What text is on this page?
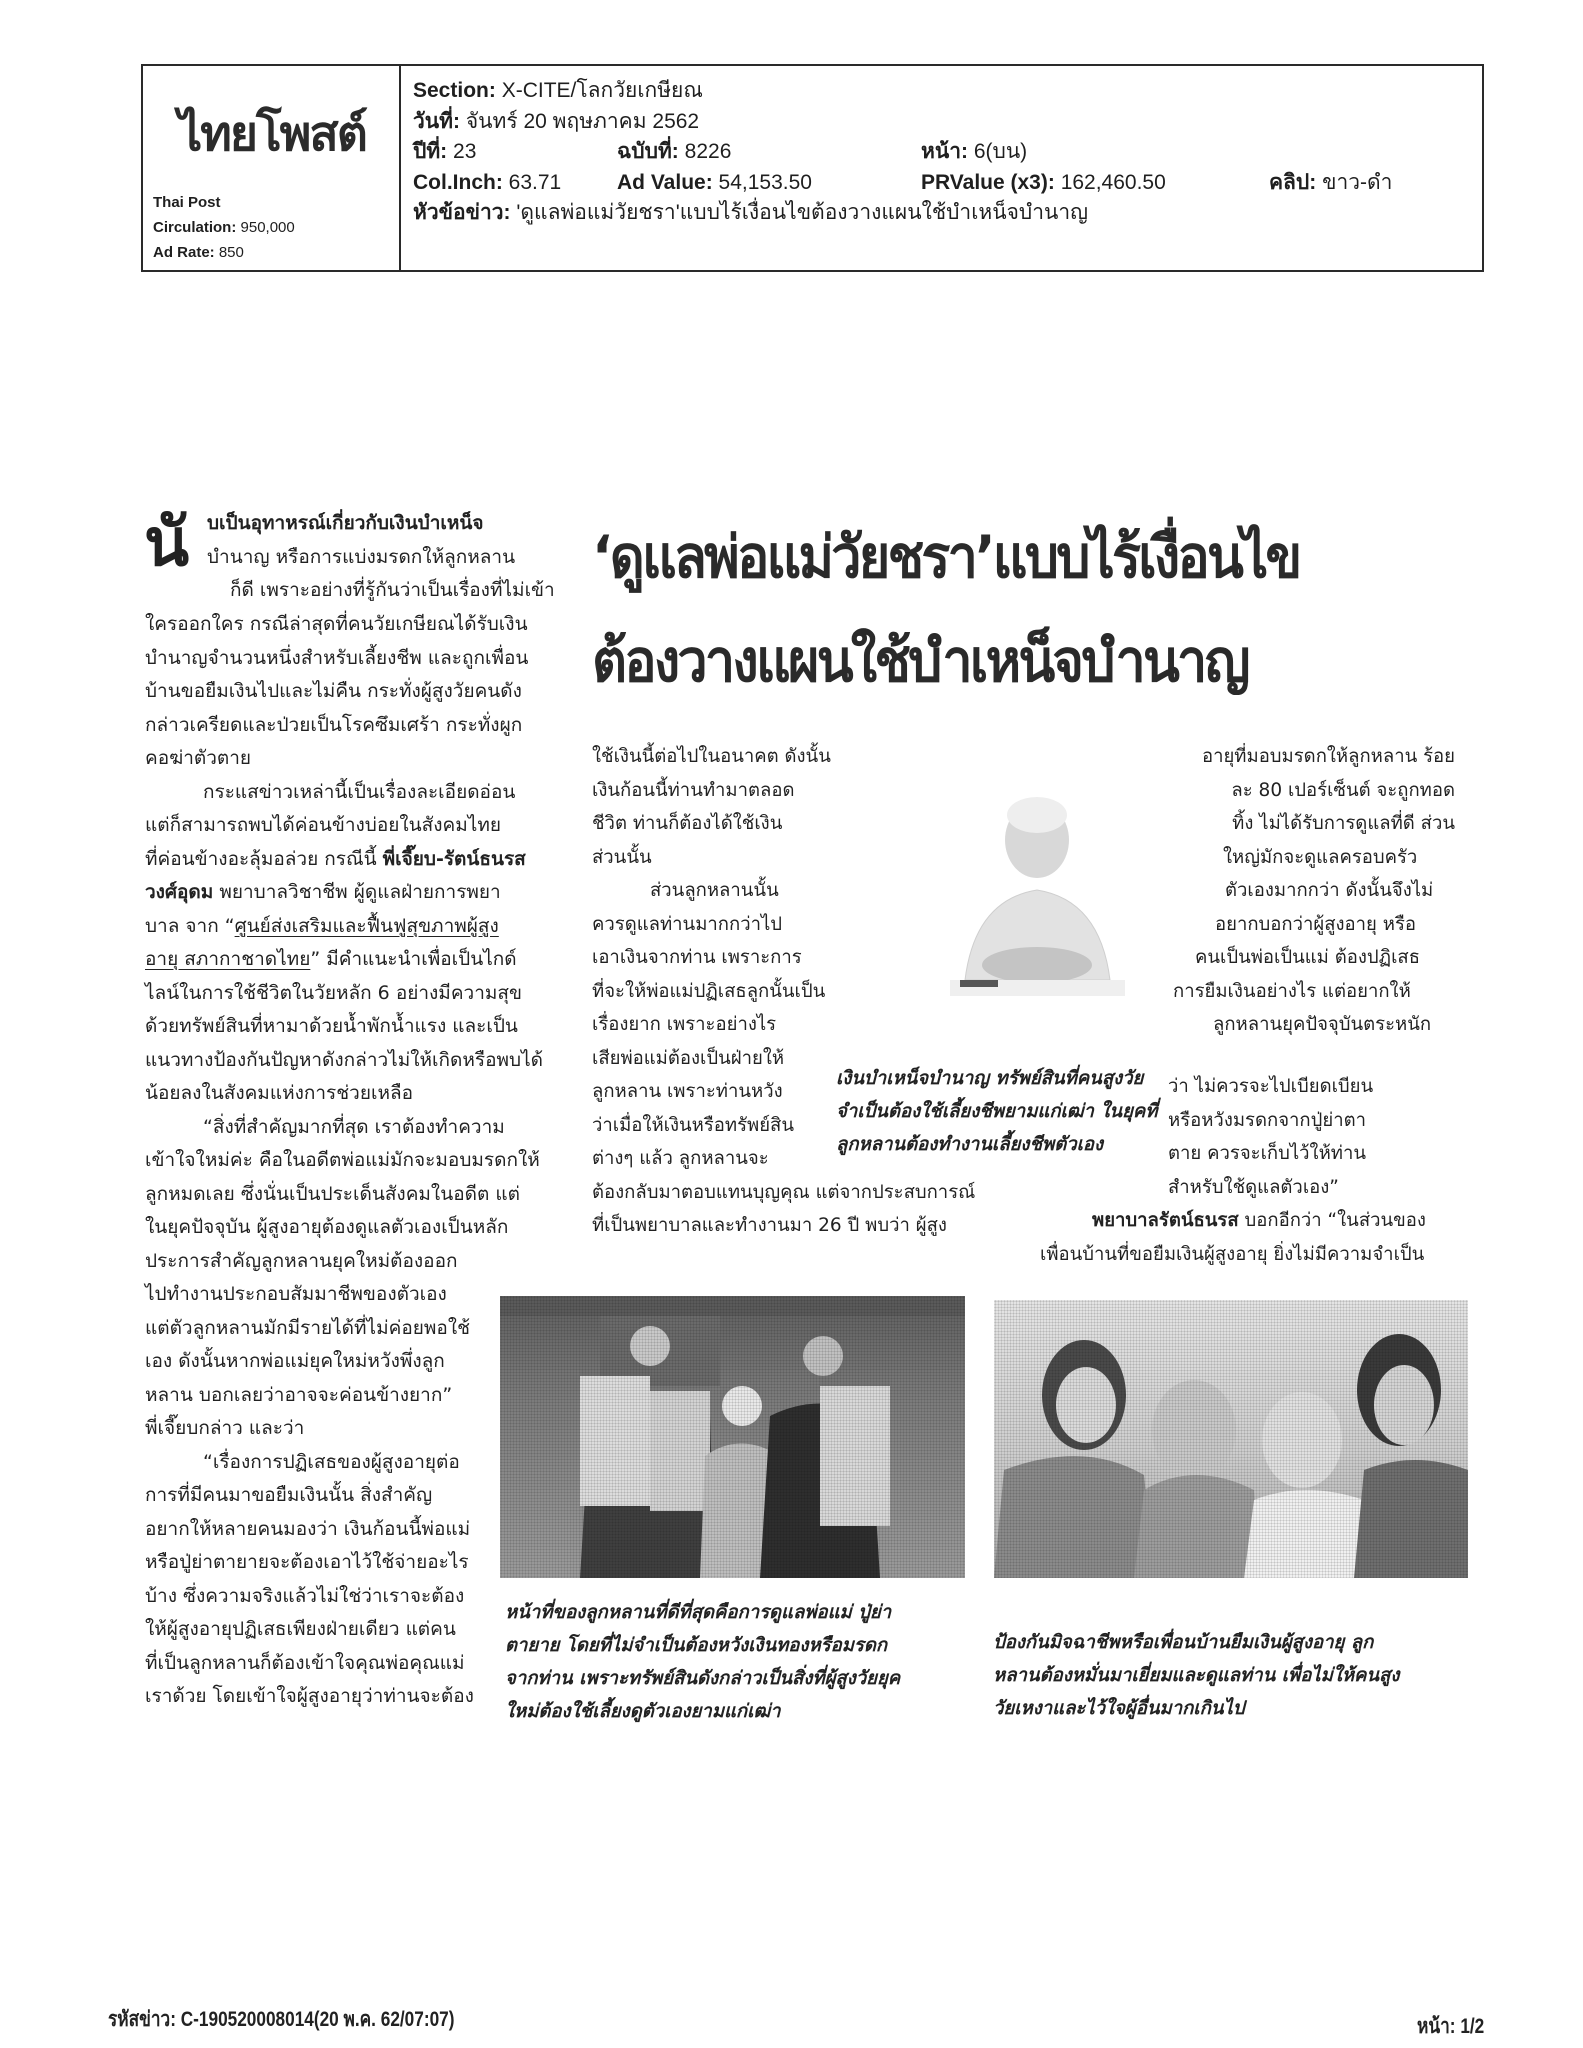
ไทยโพสต์
Thai Post
Circulation: 950,000
Ad Rate: 850
Section: X-CITE/โลกวัยเกษียณ
วันที่: จันทร์ 20 พฤษภาคม 2562
ปีที่: 23	ฉบับที่: 8226	หน้า: 6(บน)
Col.Inch: 63.71	Ad Value: 54,153.50	PRValue (x3): 162,460.50	คลิป: ขาว-ดำ
หัวข้อข่าว: 'ดูแลพ่อแม่วัยชรา'แบบไร้เงื่อนไขต้องวางแผนใช้บำเหน็จบำนาญ
‘ดูแลพ่อแม่วัยชรา’แบบไร้เงื่อนไข
ต้องวางแผนใช้บำเหน็จบำนาญ
นั บเป็นอุทาหรณ์เกี่ยวกับเงินบำเหน็จ
บำนาญ หรือการแบ่งมรดกให้ลูกหลาน
ก็ดี เพราะอย่างที่รู้กันว่าเป็นเรื่องที่ไม่เข้า
ใครออกใคร กรณีล่าสุดที่คนวัยเกษียณได้รับเงิน
บำนาญจำนวนหนึ่งสำหรับเลี้ยงชีพ และถูกเพื่อน
บ้านขอยืมเงินไปและไม่คืน กระทั่งผู้สูงวัยคนดัง
กล่าวเครียดและป่วยเป็นโรคซึมเศร้า กระทั่งผูก
คอฆ่าตัวตาย
กระแสข่าวเหล่านี้เป็นเรื่องละเอียดอ่อน
แต่ก็สามารถพบได้ค่อนข้างบ่อยในสังคมไทย
ที่ค่อนข้างอะลุ้มอล่วย กรณีนี้ พี่เจี๊ยบ-รัตน์ธนรส
วงศ์อุดม พยาบาลวิชาชีพ ผู้ดูแลฝ่ายการพยา
บาล จาก “ศูนย์ส่งเสริมและฟื้นฟูสุขภาพผู้สูง
อายุ สภากาชาดไทย” มีคำแนะนำเพื่อเป็นไกด์
ไลน์ในการใช้ชีวิตในวัยหลัก 6 อย่างมีความสุข
ด้วยทรัพย์สินที่หามาด้วยน้ำพักน้ำแรง และเป็น
แนวทางป้องกันปัญหาดังกล่าวไม่ให้เกิดหรือพบได้
น้อยลงในสังคมแห่งการช่วยเหลือ
“สิ่งที่สำคัญมากที่สุด เราต้องทำความ
เข้าใจใหม่ค่ะ คือในอดีตพ่อแม่มักจะมอบมรดกให้
ลูกหมดเลย ซึ่งนั่นเป็นประเด็นสังคมในอดีต แต่
ในยุคปัจจุบัน ผู้สูงอายุต้องดูแลตัวเองเป็นหลัก
ประการสำคัญลูกหลานยุคใหม่ต้องออก
ไปทำงานประกอบสัมมาชีพของตัวเอง
แต่ตัวลูกหลานมักมีรายได้ที่ไม่ค่อยพอใช้
เอง ดังนั้นหากพ่อแม่ยุคใหม่หวังพึ่งลูก
หลาน บอกเลยว่าอาจจะค่อนข้างยาก”
พี่เจี๊ยบกล่าว และว่า
“เรื่องการปฏิเสธของผู้สูงอายุต่อ
การที่มีคนมาขอยืมเงินนั้น สิ่งสำคัญ
อยากให้หลายคนมองว่า เงินก้อนนี้พ่อแม่
หรือปู่ย่าตายายจะต้องเอาไว้ใช้จ่ายอะไร
บ้าง ซึ่งความจริงแล้วไม่ใช่ว่าเราจะต้อง
ให้ผู้สูงอายุปฏิเสธเพียงฝ่ายเดียว แต่คน
ที่เป็นลูกหลานก็ต้องเข้าใจคุณพ่อคุณแม่
เราด้วย โดยเข้าใจผู้สูงอายุว่าท่านจะต้อง
ใช้เงินนี้ต่อไปในอนาคต ดังนั้น
เงินก้อนนี้ท่านทำมาตลอด
ชีวิต ท่านก็ต้องได้ใช้เงิน
ส่วนนั้น
ส่วนลูกหลานนั้น
ควรดูแลท่านมากกว่าไป
เอาเงินจากท่าน เพราะการ
ที่จะให้พ่อแม่ปฏิเสธลูกนั้นเป็น
เรื่องยาก เพราะอย่างไร
เสียพ่อแม่ต้องเป็นฝ่ายให้
ลูกหลาน เพราะท่านหวัง
ว่าเมื่อให้เงินหรือทรัพย์สิน
ต่างๆ แล้ว ลูกหลานจะ
ต้องกลับมาตอบแทนบุญคุณ แต่จากประสบการณ์
ที่เป็นพยาบาลและทำงานมา 26 ปี พบว่า ผู้สูง
เงินบำเหน็จบำนาญ ทรัพย์สินที่คนสูงวัย
จำเป็นต้องใช้เลี้ยงชีพยามแก่เฒ่า ในยุคที่
ลูกหลานต้องทำงานเลี้ยงชีพตัวเอง
อายุที่มอบมรดกให้ลูกหลาน ร้อย
ละ 80 เปอร์เซ็นต์ จะถูกทอด
ทิ้ง ไม่ได้รับการดูแลที่ดี ส่วน
ใหญ่มักจะดูแลครอบครัว
ตัวเองมากกว่า ดังนั้นจึงไม่
อยากบอกว่าผู้สูงอายุ หรือ
คนเป็นพ่อเป็นแม่ ต้องปฏิเสธ
การยืมเงินอย่างไร แต่อยากให้
ลูกหลานยุคปัจจุบันตระหนัก
ว่า ไม่ควรจะไปเบียดเบียน
หรือหวังมรดกจากปู่ย่าตา
ตาย ควรจะเก็บไว้ให้ท่าน
สำหรับใช้ดูแลตัวเอง”
พยาบาลรัตน์ธนรส บอกอีกว่า “ในส่วนของ
เพื่อนบ้านที่ขอยืมเงินผู้สูงอายุ ยิ่งไม่มีความจำเป็น
หน้าที่ของลูกหลานที่ดีที่สุดคือการดูแลพ่อแม่ ปู่ย่า
ตายาย โดยที่ไม่จำเป็นต้องหวังเงินทองหรือมรดก
จากท่าน เพราะทรัพย์สินดังกล่าวเป็นสิ่งที่ผู้สูงวัยยุค
ใหม่ต้องใช้เลี้ยงดูตัวเองยามแก่เฒ่า
ป้องกันมิจฉาชีพหรือเพื่อนบ้านยืมเงินผู้สูงอายุ ลูก
หลานต้องหมั่นมาเยี่ยมและดูแลท่าน เพื่อไม่ให้คนสูง
วัยเหงาและไว้ใจผู้อื่นมากเกินไป
รหัสข่าว: C-190520008014(20 พ.ค. 62/07:07)	หน้า: 1/2
